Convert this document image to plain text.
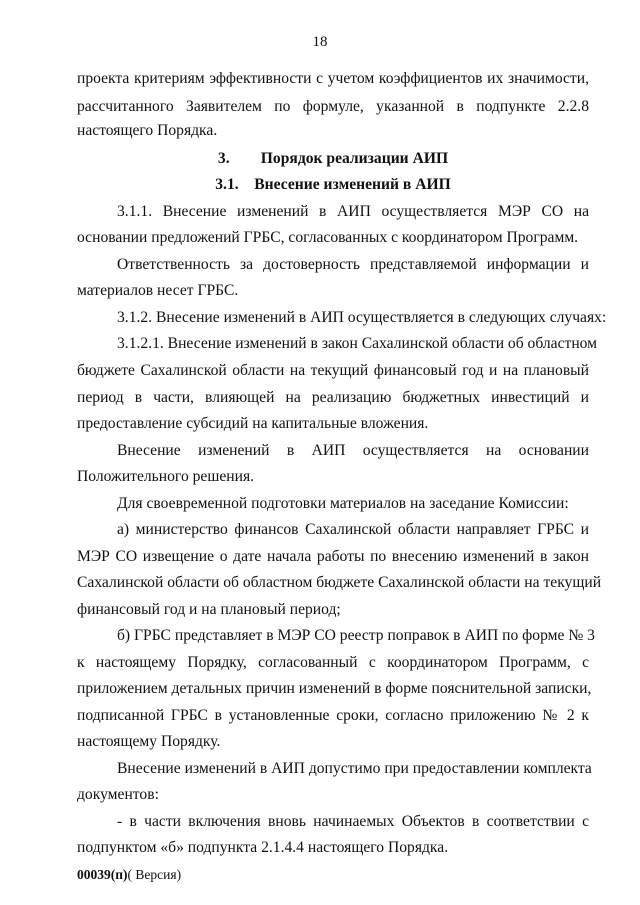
18
проекта критериям эффективности с учетом коэффициентов их значимости,
рассчитанного Заявителем по формуле, указанной в подпункте 2.2.8
настоящего Порядка.
3.        Порядок реализации АИП
3.1.    Внесение изменений в АИП
3.1.1. Внесение изменений в АИП осуществляется МЭР СО на
основании предложений ГРБС, согласованных с координатором Программ.
Ответственность за достоверность представляемой информации и
материалов несет ГРБС.
3.1.2. Внесение изменений в АИП осуществляется в следующих случаях:
3.1.2.1. Внесение изменений в закон Сахалинской области об областном
бюджете Сахалинской области на текущий финансовый год и на плановый
период в части, влияющей на реализацию бюджетных инвестиций и
предоставление субсидий на капитальные вложения.
Внесение изменений в АИП осуществляется на основании
Положительного решения.
Для своевременной подготовки материалов на заседание Комиссии:
а) министерство финансов Сахалинской области направляет ГРБС и
МЭР СО извещение о дате начала работы по внесению изменений в закон
Сахалинской области об областном бюджете Сахалинской области на текущий
финансовый год и на плановый период;
б) ГРБС представляет в МЭР СО реестр поправок в АИП по форме № 3
к настоящему Порядку, согласованный с координатором Программ, с
приложением детальных причин изменений в форме пояснительной записки,
подписанной ГРБС в установленные сроки, согласно приложению № 2 к
настоящему Порядку.
Внесение изменений в АИП допустимо при предоставлении комплекта
документов:
- в части включения вновь начинаемых Объектов в соответствии с
подпунктом «б» подпункта 2.1.4.4 настоящего Порядка.
00039(п)( Версия)
